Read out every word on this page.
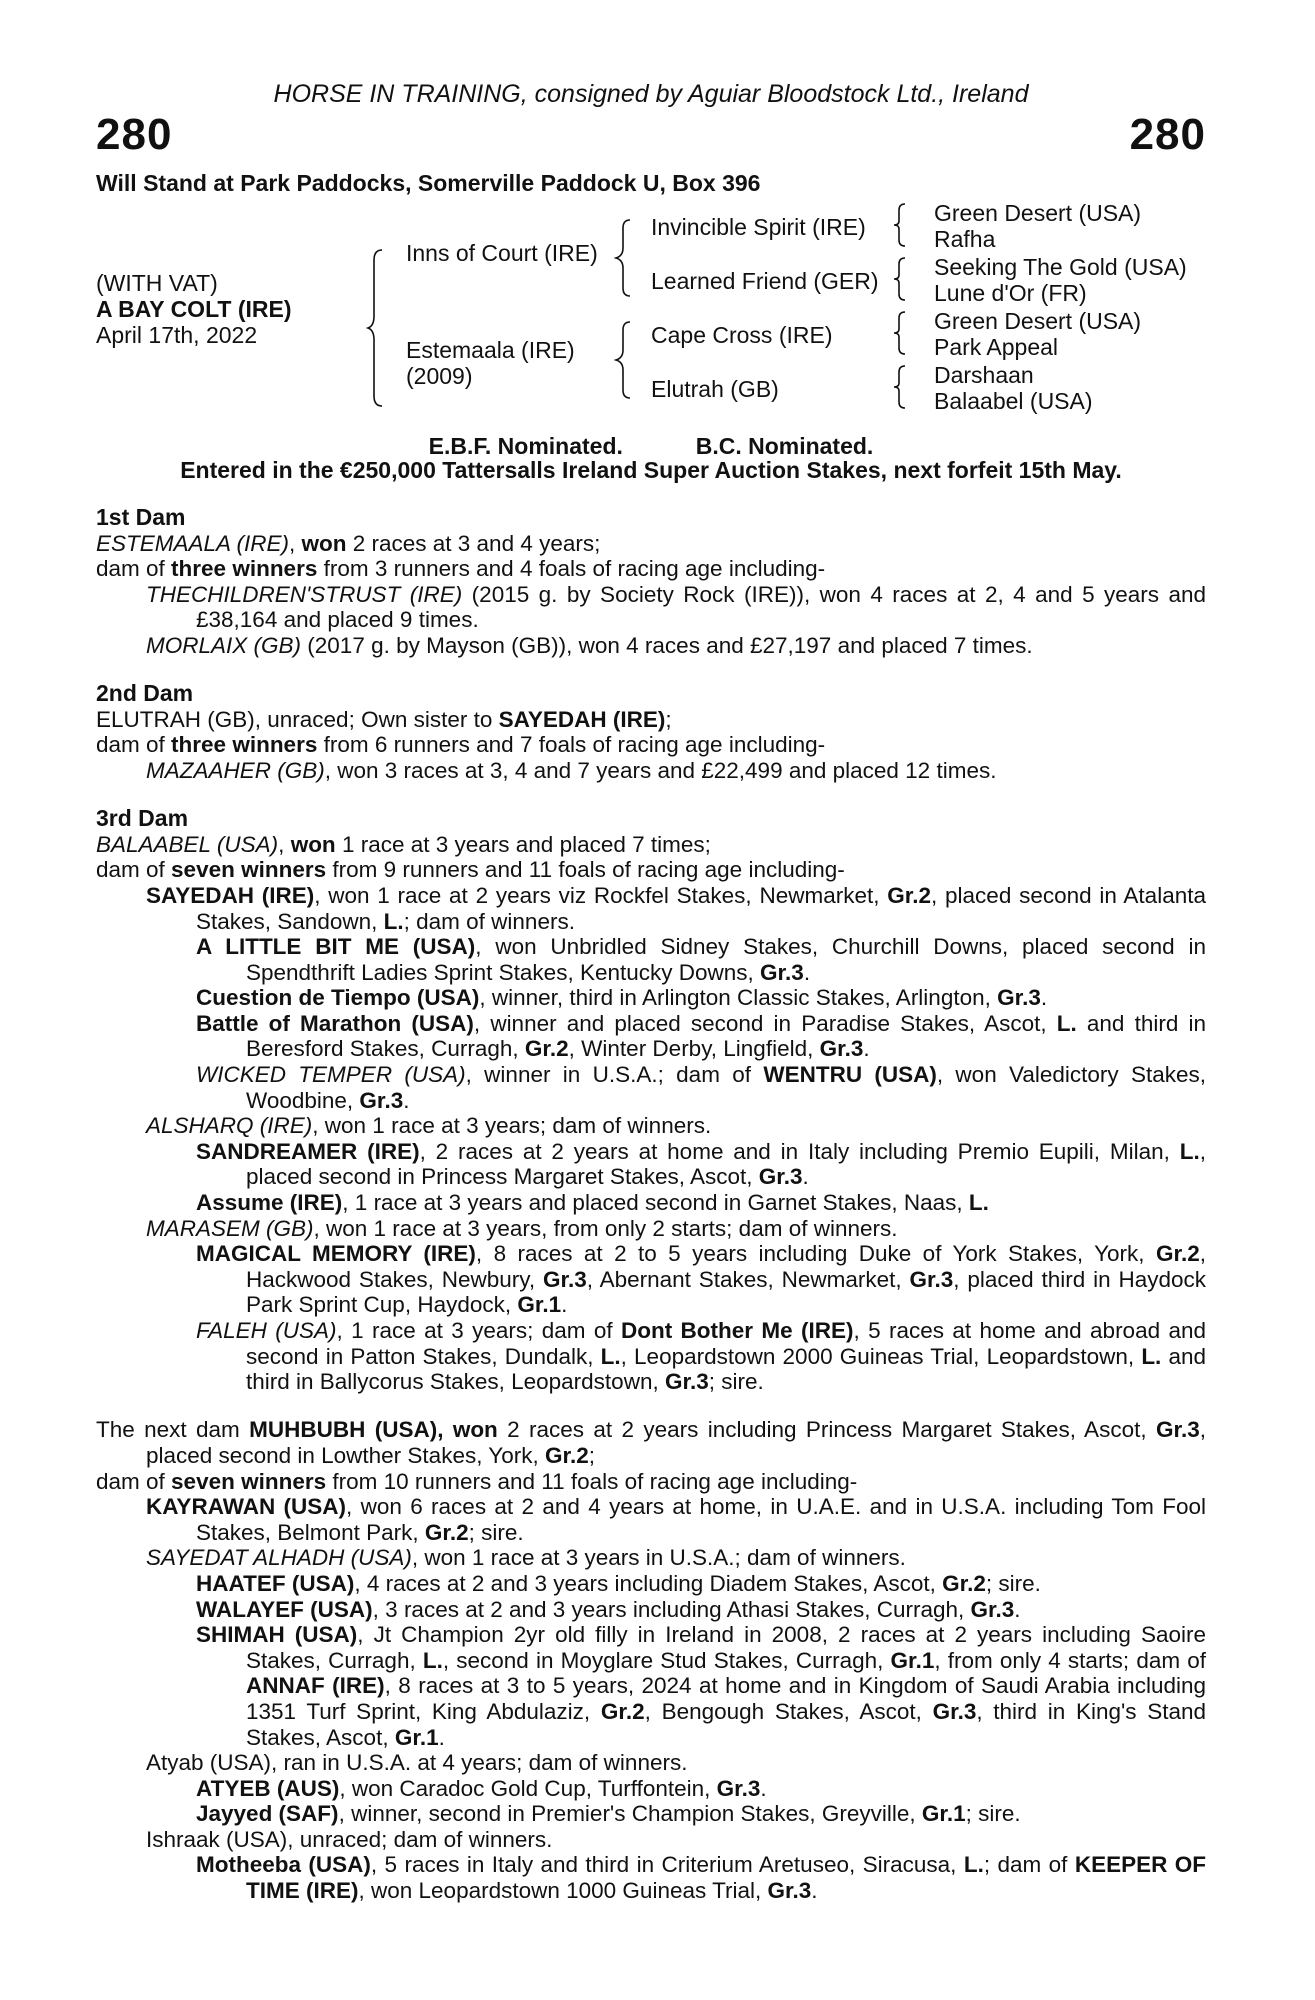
HORSE IN TRAINING, consigned by Aguiar Bloodstock Ltd., Ireland
280	280
Will Stand at Park Paddocks, Somerville Paddock U, Box 396
(WITH VAT)
A BAY COLT (IRE)
April 17th, 2022
Inns of Court (IRE)
Estemaala (IRE)
(2009)
Invincible Spirit (IRE)
Learned Friend (GER)
Cape Cross (IRE)
Elutrah (GB)
Green Desert (USA)
Rafha
Seeking The Gold (USA)
Lune d'Or (FR)
Green Desert (USA)
Park Appeal
Darshaan
Balaabel (USA)
E.B.F. Nominated.	B.C. Nominated.
Entered in the €250,000 Tattersalls Ireland Super Auction Stakes, next forfeit 15th May.

1st Dam

ESTEMAALA (IRE), won 2 races at 3 and 4 years;

dam of three winners from 3 runners and 4 foals of racing age including-

THECHILDREN'STRUST (IRE) (2015 g. by Society Rock (IRE)), won 4 races at 2, 4 and 5 years and £38,164 and placed 9 times.

MORLAIX (GB) (2017 g. by Mayson (GB)), won 4 races and £27,197 and placed 7 times.

2nd Dam

ELUTRAH (GB), unraced; Own sister to SAYEDAH (IRE);

dam of three winners from 6 runners and 7 foals of racing age including-

MAZAAHER (GB), won 3 races at 3, 4 and 7 years and £22,499 and placed 12 times.

3rd Dam

BALAABEL (USA), won 1 race at 3 years and placed 7 times;

dam of seven winners from 9 runners and 11 foals of racing age including-

SAYEDAH (IRE), won 1 race at 2 years viz Rockfel Stakes, Newmarket, Gr.2, placed second in Atalanta Stakes, Sandown, L.; dam of winners.

A LITTLE BIT ME (USA), won Unbridled Sidney Stakes, Churchill Downs, placed second in Spendthrift Ladies Sprint Stakes, Kentucky Downs, Gr.3.

Cuestion de Tiempo (USA), winner, third in Arlington Classic Stakes, Arlington, Gr.3.

Battle of Marathon (USA), winner and placed second in Paradise Stakes, Ascot, L. and third in Beresford Stakes, Curragh, Gr.2, Winter Derby, Lingfield, Gr.3.

WICKED TEMPER (USA), winner in U.S.A.; dam of WENTRU (USA), won Valedictory Stakes, Woodbine, Gr.3.

ALSHARQ (IRE), won 1 race at 3 years; dam of winners.

SANDREAMER (IRE), 2 races at 2 years at home and in Italy including Premio Eupili, Milan, L., placed second in Princess Margaret Stakes, Ascot, Gr.3.

Assume (IRE), 1 race at 3 years and placed second in Garnet Stakes, Naas, L.

MARASEM (GB), won 1 race at 3 years, from only 2 starts; dam of winners.

MAGICAL MEMORY (IRE), 8 races at 2 to 5 years including Duke of York Stakes, York, Gr.2, Hackwood Stakes, Newbury, Gr.3, Abernant Stakes, Newmarket, Gr.3, placed third in Haydock Park Sprint Cup, Haydock, Gr.1.

FALEH (USA), 1 race at 3 years; dam of Dont Bother Me (IRE), 5 races at home and abroad and second in Patton Stakes, Dundalk, L., Leopardstown 2000 Guineas Trial, Leopardstown, L. and third in Ballycorus Stakes, Leopardstown, Gr.3; sire.

The next dam MUHBUBH (USA), won 2 races at 2 years including Princess Margaret Stakes, Ascot, Gr.3, placed second in Lowther Stakes, York, Gr.2;

dam of seven winners from 10 runners and 11 foals of racing age including-

KAYRAWAN (USA), won 6 races at 2 and 4 years at home, in U.A.E. and in U.S.A. including Tom Fool Stakes, Belmont Park, Gr.2; sire.

SAYEDAT ALHADH (USA), won 1 race at 3 years in U.S.A.; dam of winners.

HAATEF (USA), 4 races at 2 and 3 years including Diadem Stakes, Ascot, Gr.2; sire.

WALAYEF (USA), 3 races at 2 and 3 years including Athasi Stakes, Curragh, Gr.3.

SHIMAH (USA), Jt Champion 2yr old filly in Ireland in 2008, 2 races at 2 years including Saoire Stakes, Curragh, L., second in Moyglare Stud Stakes, Curragh, Gr.1, from only 4 starts; dam of ANNAF (IRE), 8 races at 3 to 5 years, 2024 at home and in Kingdom of Saudi Arabia including 1351 Turf Sprint, King Abdulaziz, Gr.2, Bengough Stakes, Ascot, Gr.3, third in King's Stand Stakes, Ascot, Gr.1.

Atyab (USA), ran in U.S.A. at 4 years; dam of winners.

ATYEB (AUS), won Caradoc Gold Cup, Turffontein, Gr.3.

Jayyed (SAF), winner, second in Premier's Champion Stakes, Greyville, Gr.1; sire.

Ishraak (USA), unraced; dam of winners.

Motheeba (USA), 5 races in Italy and third in Criterium Aretuseo, Siracusa, L.; dam of KEEPER OF TIME (IRE), won Leopardstown 1000 Guineas Trial, Gr.3.
